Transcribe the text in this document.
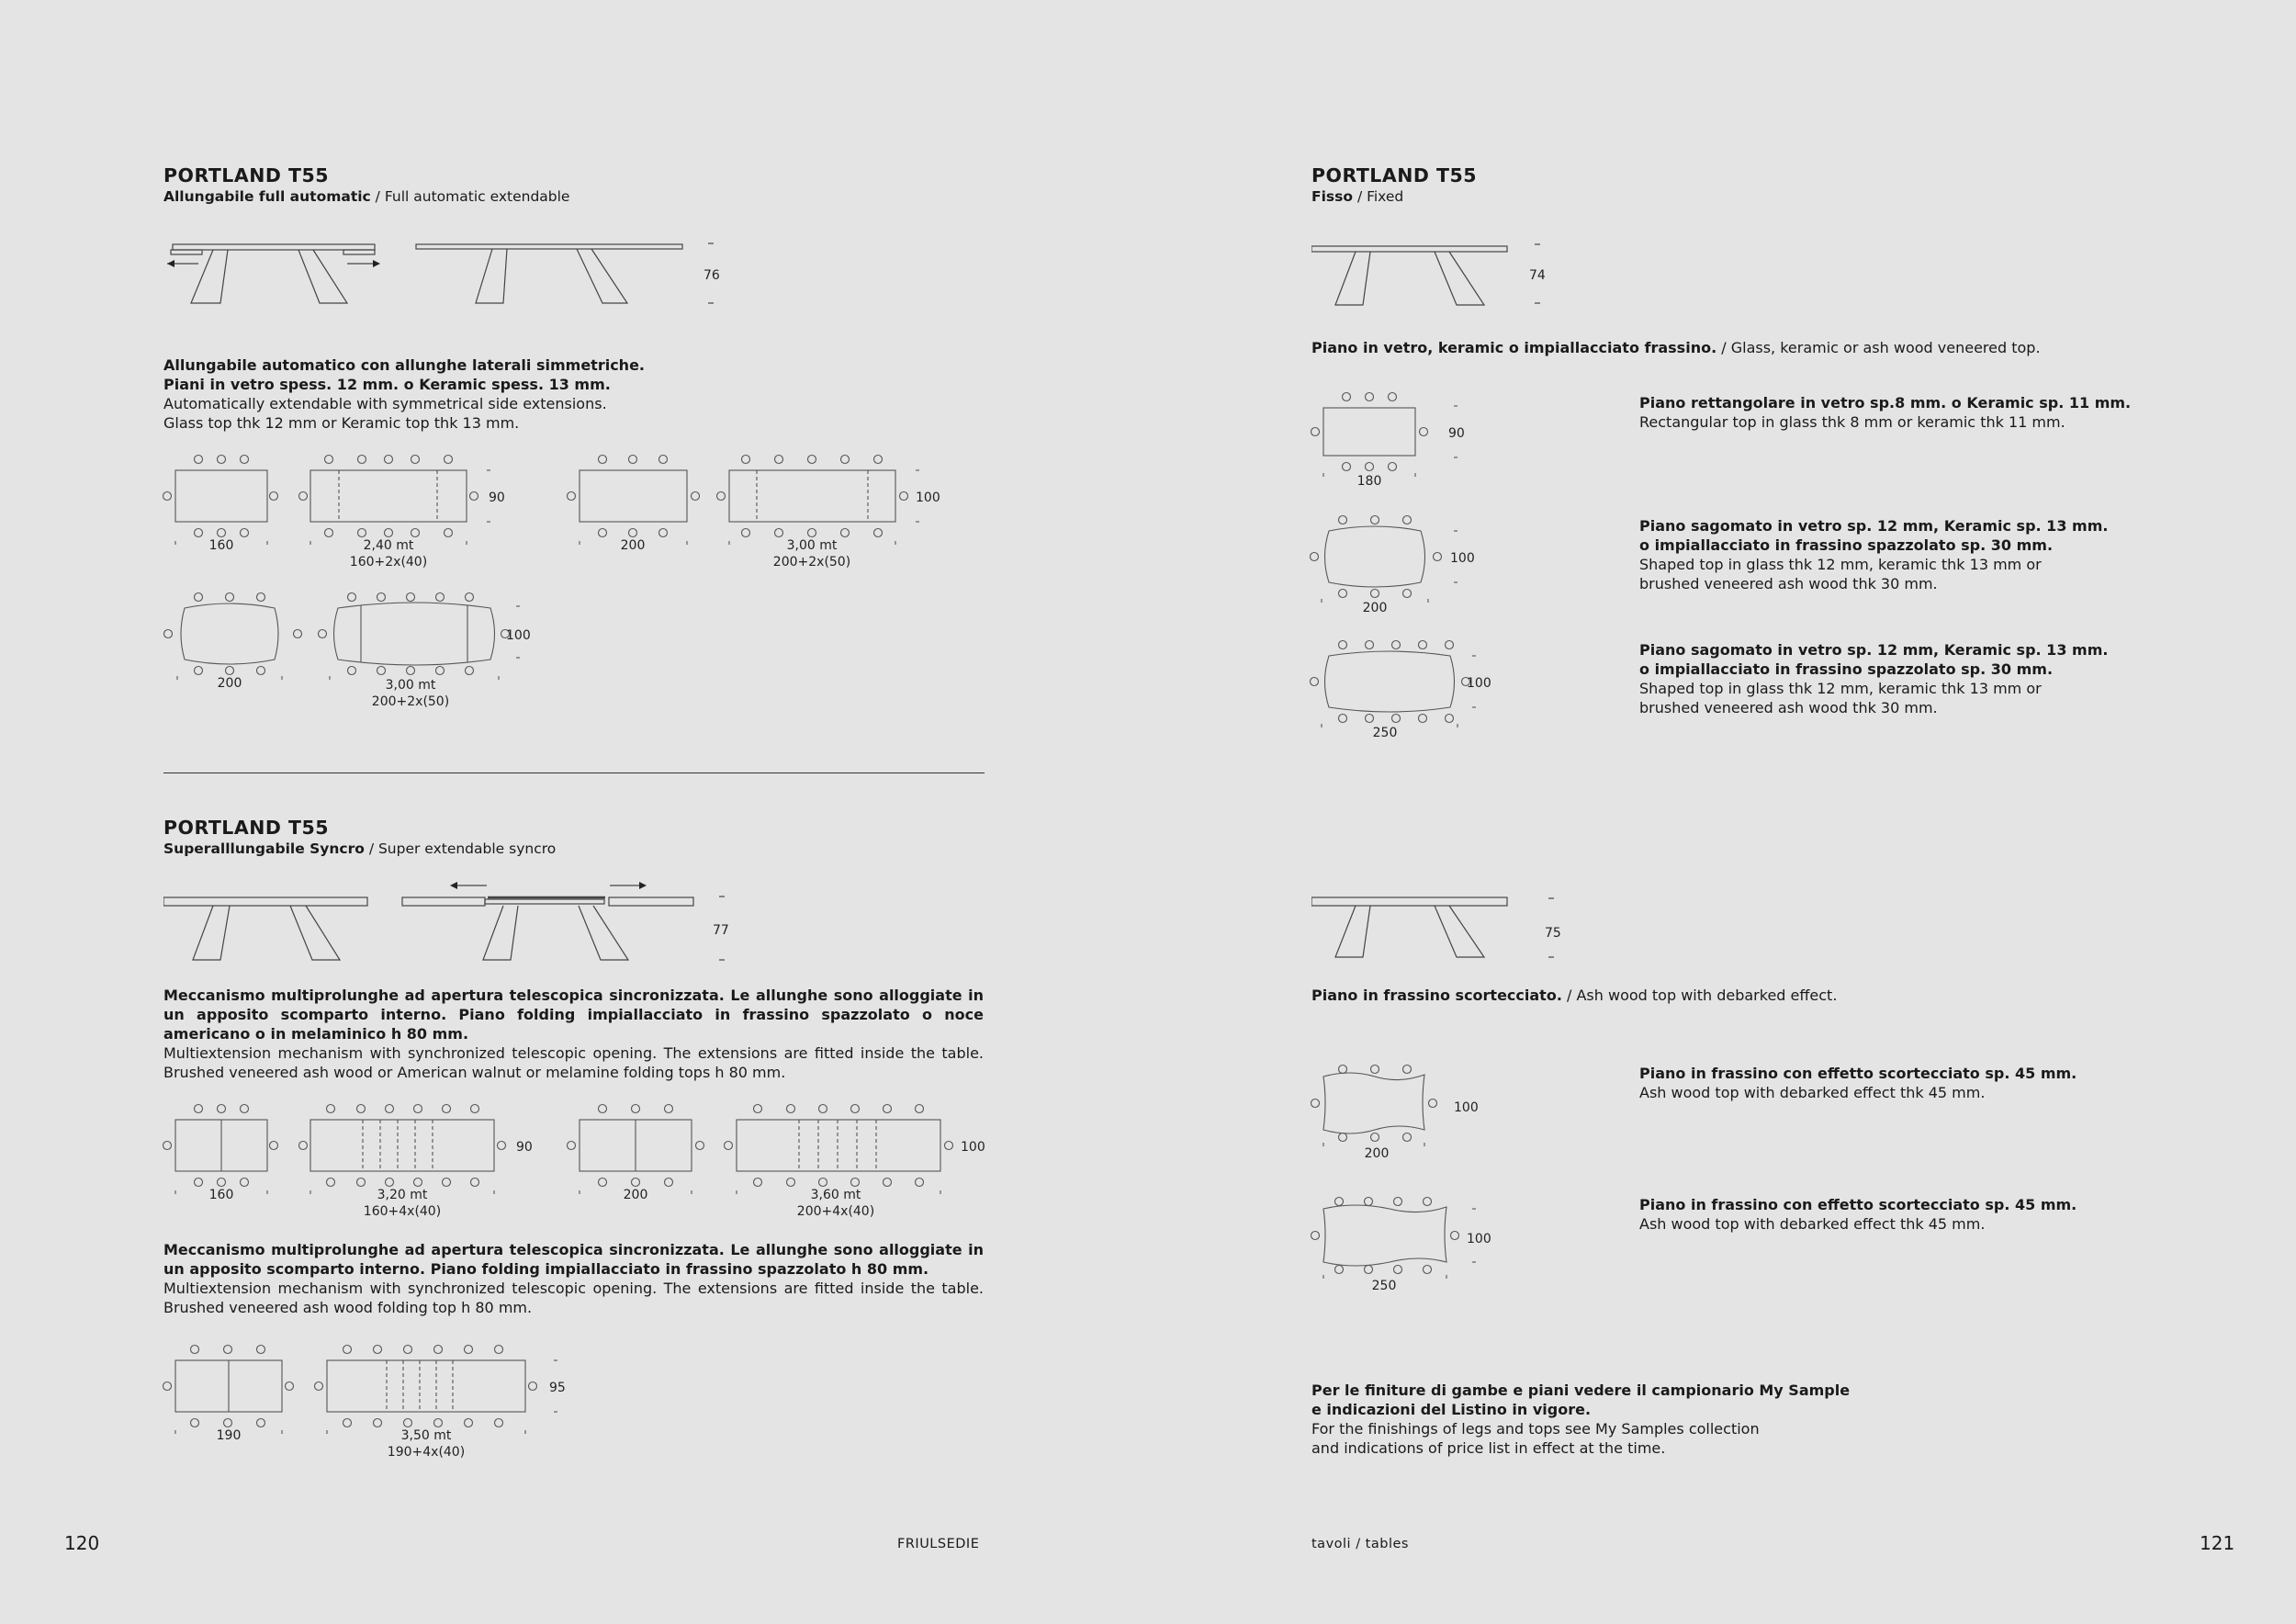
PORTLAND T55

Allungabile full automatic / Full automatic extendable

76
Allungabile automatico con allunghe laterali simmetriche.
Piani in vetro spess. 12 mm. o Keramic spess. 13 mm.
Automatically extendable with symmetrical side extensions.
Glass top thk 12 mm or Keramic top thk 13 mm.
160	2,40 mt
160+2x(40)
90
200	3,00 mt
200+2x(50)
100
200	3,00 mt
200+2x(50)
100

PORTLAND T55

Superalllungabile Syncro / Super extendable syncro

77
Meccanismo multiprolunghe ad apertura telescopica sincronizzata. Le allunghe sono alloggiate in un apposito scomparto interno. Piano folding impiallacciato in frassino spazzolato o noce americano o in melaminico h 80 mm.
Multiextension mechanism with synchronized telescopic opening. The extensions are fitted inside the table. Brushed veneered ash wood or American walnut or melamine folding tops h 80 mm.
160	3,20 mt
160+4x(40)
90
200	3,60 mt
200+4x(40)
100
Meccanismo multiprolunghe ad apertura telescopica sincronizzata. Le allunghe sono alloggiate in un apposito scomparto interno. Piano folding impiallacciato in frassino spazzolato h 80 mm.
Multiextension mechanism with synchronized telescopic opening. The extensions are fitted inside the table. Brushed veneered ash wood folding top h 80 mm.
190	3,50 mt
190+4x(40)
95
120	FRIULSEDIE

PORTLAND T55

Fisso / Fixed

74
Piano in vetro, keramic o impiallacciato frassino. / Glass, keramic or ash wood veneered top.
180
90
Piano rettangolare in vetro sp.8 mm. o Keramic sp. 11 mm.
Rectangular top in glass thk 8 mm or keramic thk 11 mm.
200
100
Piano sagomato in vetro sp. 12 mm, Keramic sp. 13 mm.
o impiallacciato in frassino spazzolato sp. 30 mm.
Shaped top in glass thk 12 mm, keramic thk 13 mm or
brushed veneered ash wood thk 30 mm.
250
100
Piano sagomato in vetro sp. 12 mm, Keramic sp. 13 mm.
o impiallacciato in frassino spazzolato sp. 30 mm.
Shaped top in glass thk 12 mm, keramic thk 13 mm or
brushed veneered ash wood thk 30 mm.
75
Piano in frassino scortecciato. / Ash wood top with debarked effect.
200
100
Piano in frassino con effetto scortecciato sp. 45 mm.
Ash wood top with debarked effect thk 45 mm.
250
100
Piano in frassino con effetto scortecciato sp. 45 mm.
Ash wood top with debarked effect thk 45 mm.
Per le finiture di gambe e piani vedere il campionario My Sample
e indicazioni del Listino in vigore.
For the finishings of legs and tops see My Samples collection
and indications of price list in effect at the time.
tavoli / tables	121
